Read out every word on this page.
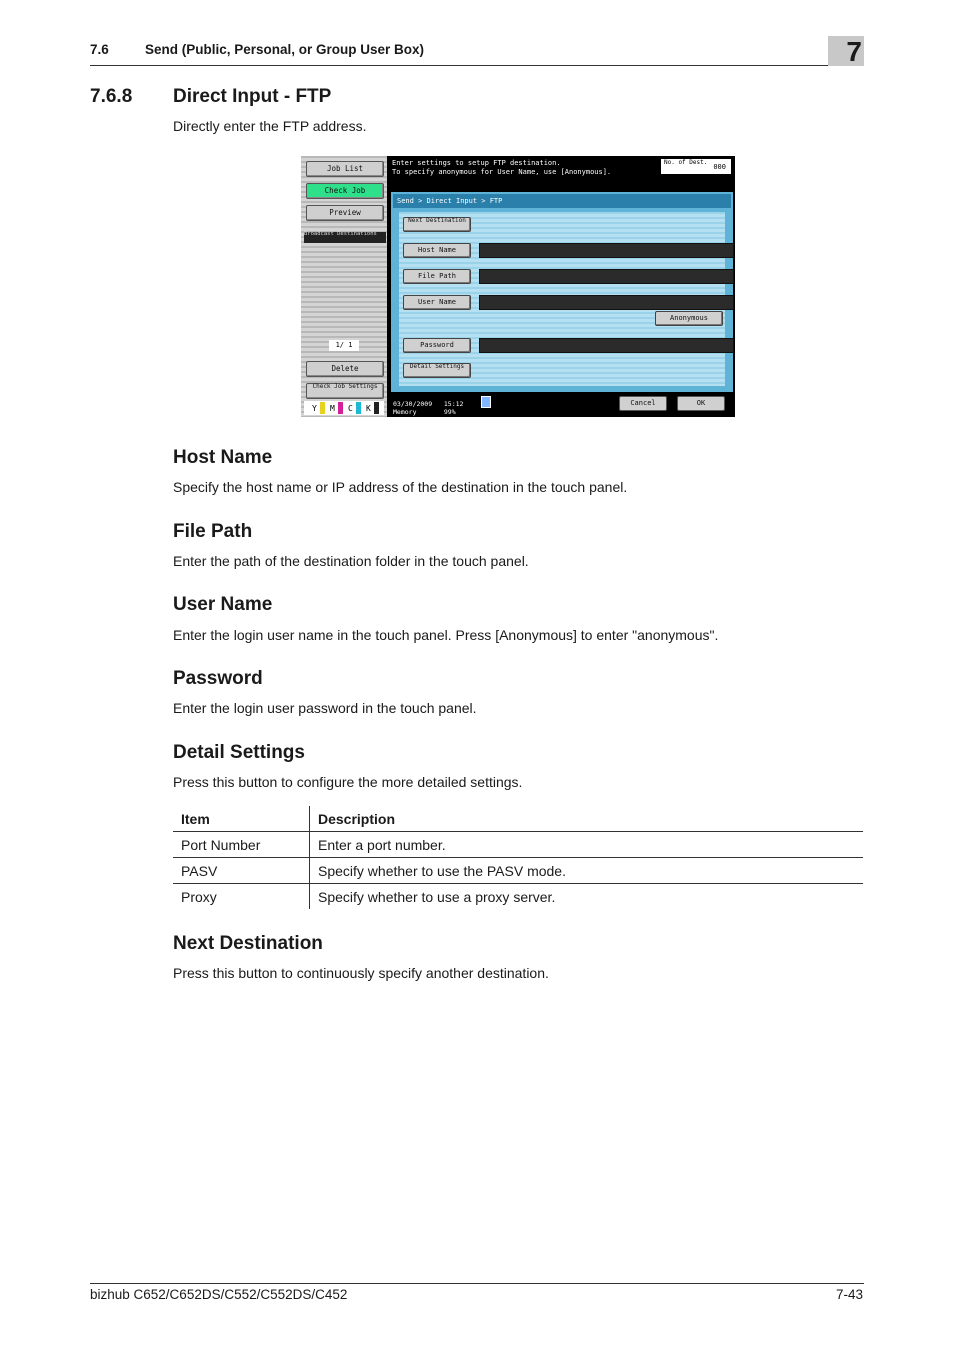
7.6	Send (Public, Personal, or Group User Box)	7
7.6.8 Direct Input - FTP
Directly enter the FTP address.
Job List
Check Job
Preview
Broadcast Destinations
1/ 1
Delete
Check Job Settings
Y M C K
Enter settings to setup FTP destination.
To specify anonymous for User Name, use [Anonymous].
No. of Dest.
000
Send > Direct Input > FTP
Next Destination
Host Name
File Path
User Name
Anonymous
Password
Detail Settings
03/30/2009   15:12
Memory       99%
Cancel	OK
Host Name

Specify the host name or IP address of the destination in the touch panel.

File Path

Enter the path of the destination folder in the touch panel.

User Name

Enter the login user name in the touch panel. Press [Anonymous] to enter "anonymous".

Password

Enter the login user password in the touch panel.

Detail Settings

Press this button to configure the more detailed settings.

Item	Description
Port Number	Enter a port number.
PASV	Specify whether to use the PASV mode.
Proxy	Specify whether to use a proxy server.
Next Destination

Press this button to continuously specify another destination.

bizhub C652/C652DS/C552/C552DS/C452	7-43
